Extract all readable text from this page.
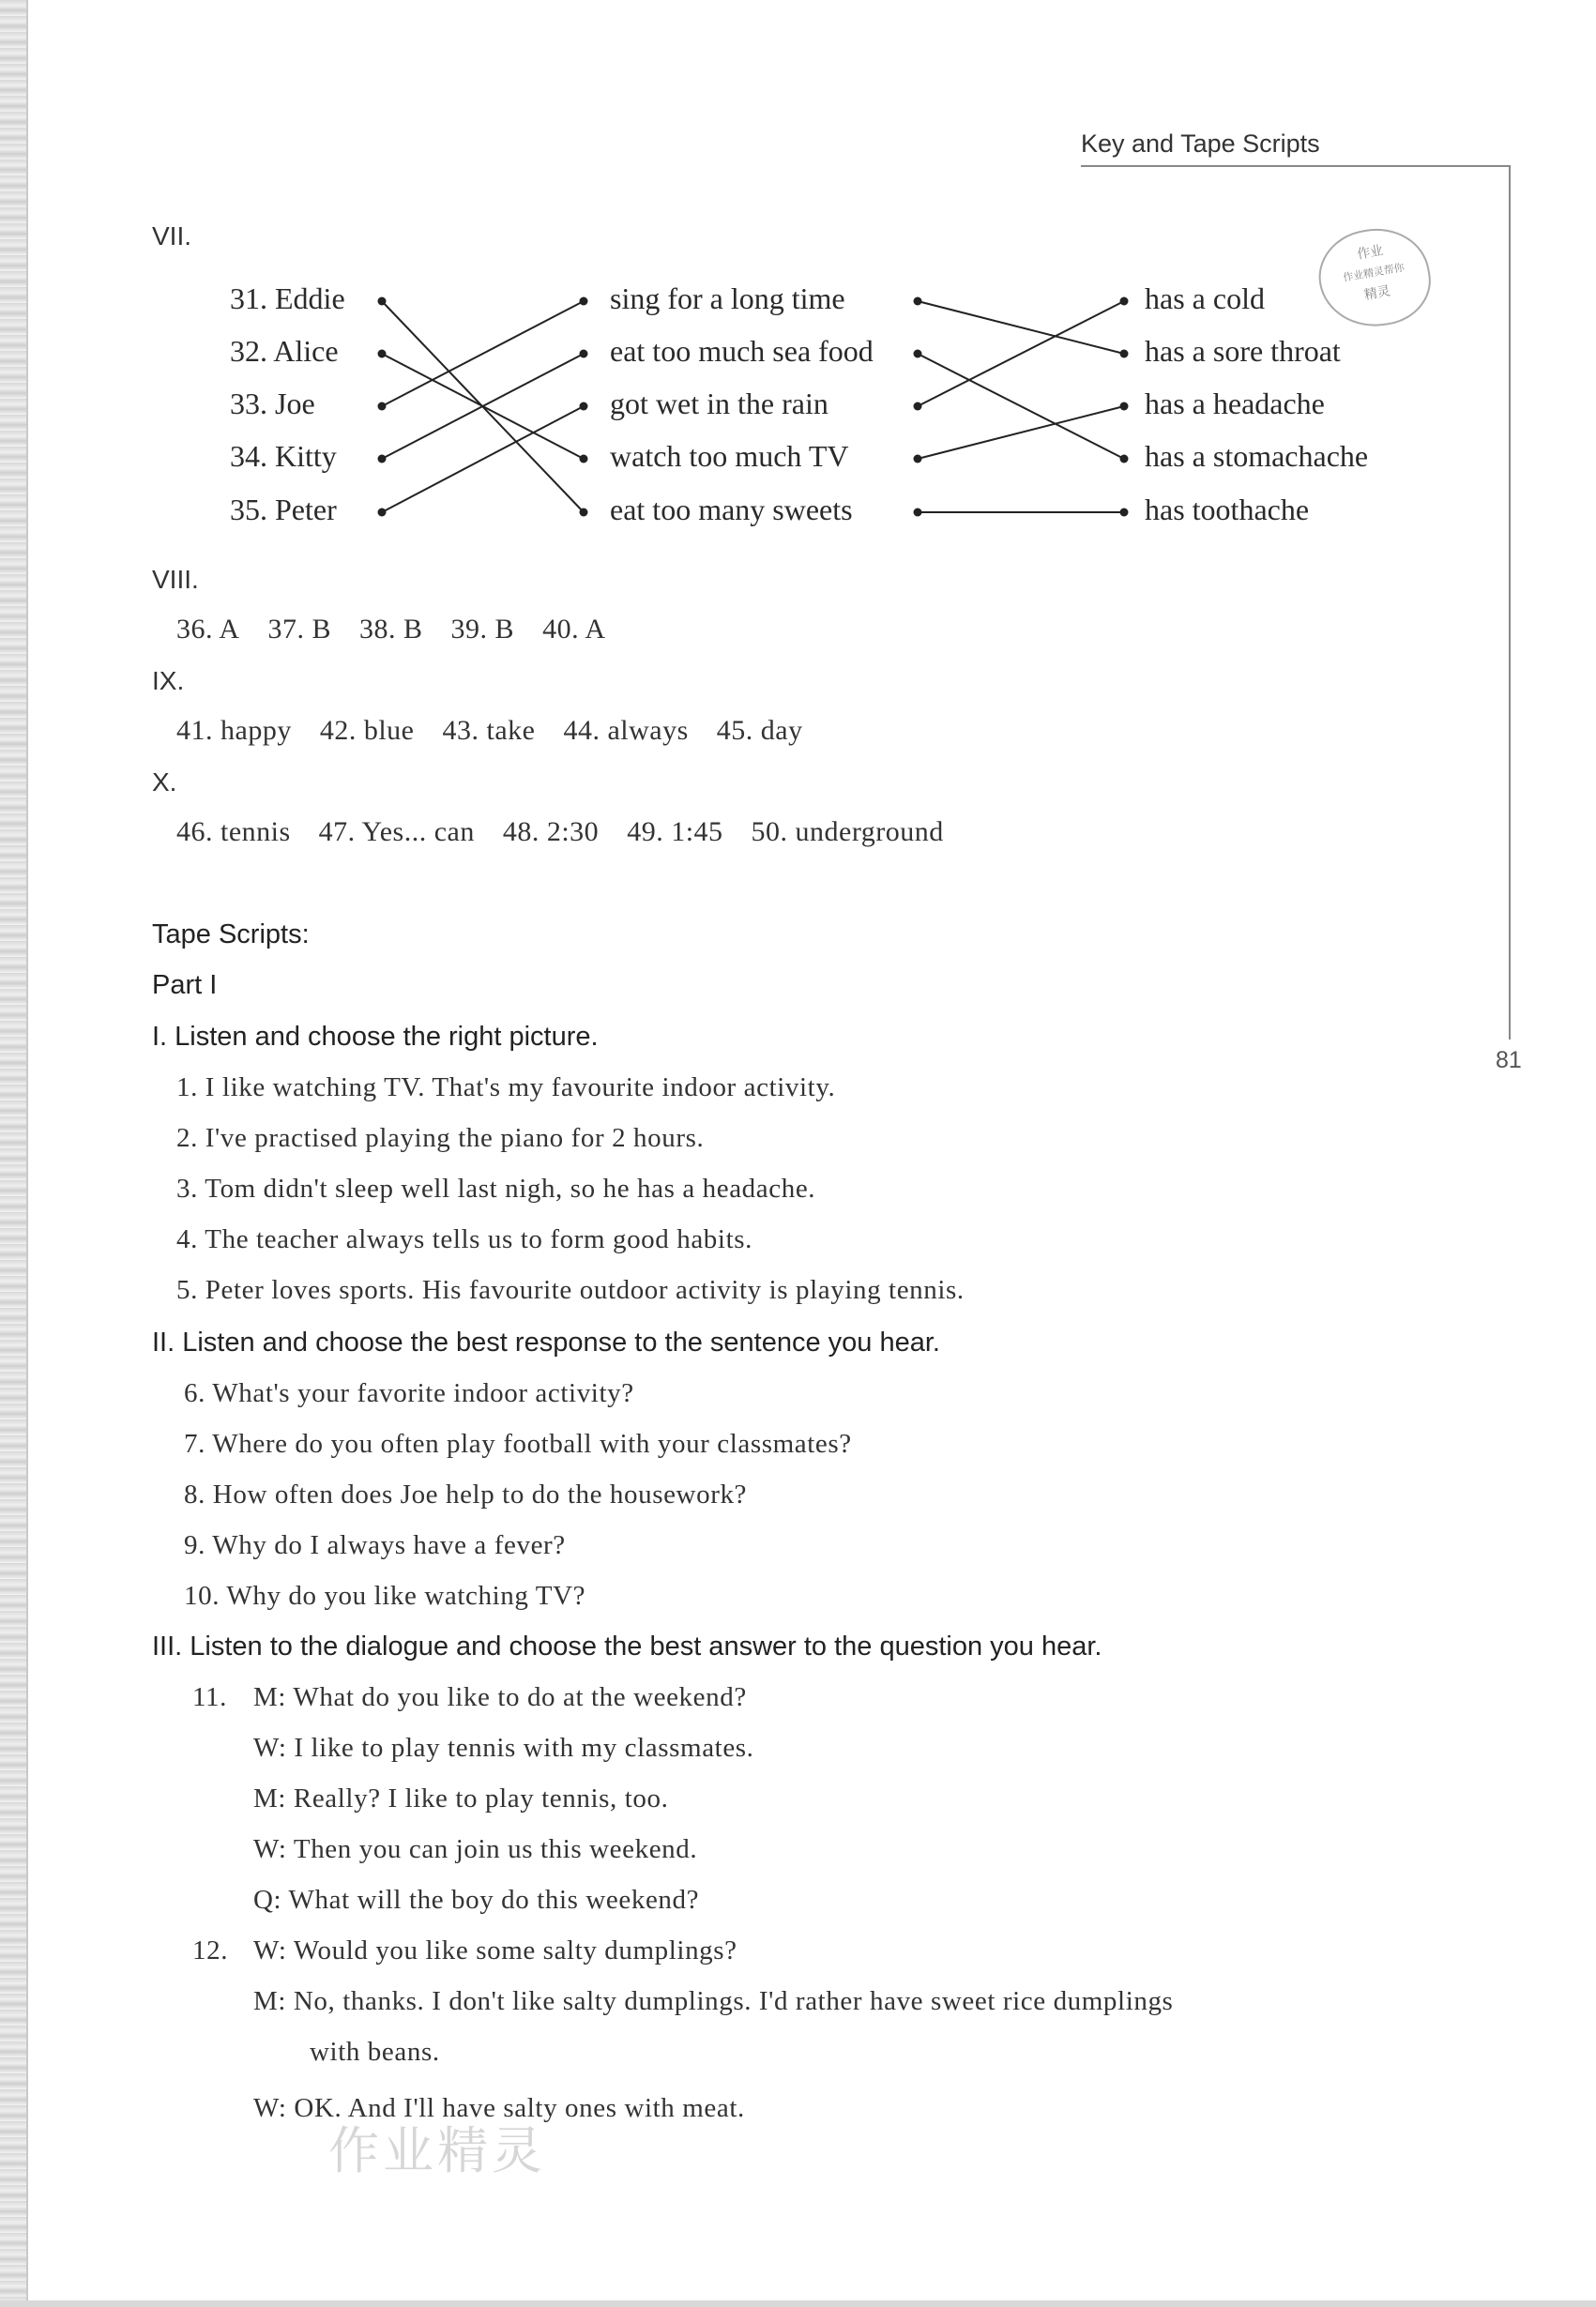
Key and Tape Scripts
81
作业
作业精灵帮你
精灵
VII.
31. Eddie
32. Alice
33. Joe
34. Kitty
35. Peter
sing for a long time
eat too much sea food
got wet in the rain
watch too much TV
eat too many sweets
has a cold
has a sore throat
has a headache
has a stomachache
has toothache
VIII.
36. A 37. B 38. B 39. B 40. A
IX.
41. happy 42. blue 43. take 44. always 45. day
X.
46. tennis 47. Yes... can 48. 2:30 49. 1:45 50. underground
Tape Scripts:
Part I
I. Listen and choose the right picture.
1. I like watching TV. That's my favourite indoor activity.
2. I've practised playing the piano for 2 hours.
3. Tom didn't sleep well last nigh, so he has a headache.
4. The teacher always tells us to form good habits.
5. Peter loves sports. His favourite outdoor activity is playing tennis.
II. Listen and choose the best response to the sentence you hear.
6. What's your favorite indoor activity?
7. Where do you often play football with your classmates?
8. How often does Joe help to do the housework?
9. Why do I always have a fever?
10. Why do you like watching TV?
III. Listen to the dialogue and choose the best answer to the question you hear.
11. M: What do you like to do at the weekend?
W: I like to play tennis with my classmates.
M: Really? I like to play tennis, too.
W: Then you can join us this weekend.
Q: What will the boy do this weekend?
12. W: Would you like some salty dumplings?
M: No, thanks. I don't like salty dumplings. I'd rather have sweet rice dumplings
with beans.
W: OK. And I'll have salty ones with meat.
作业精灵
